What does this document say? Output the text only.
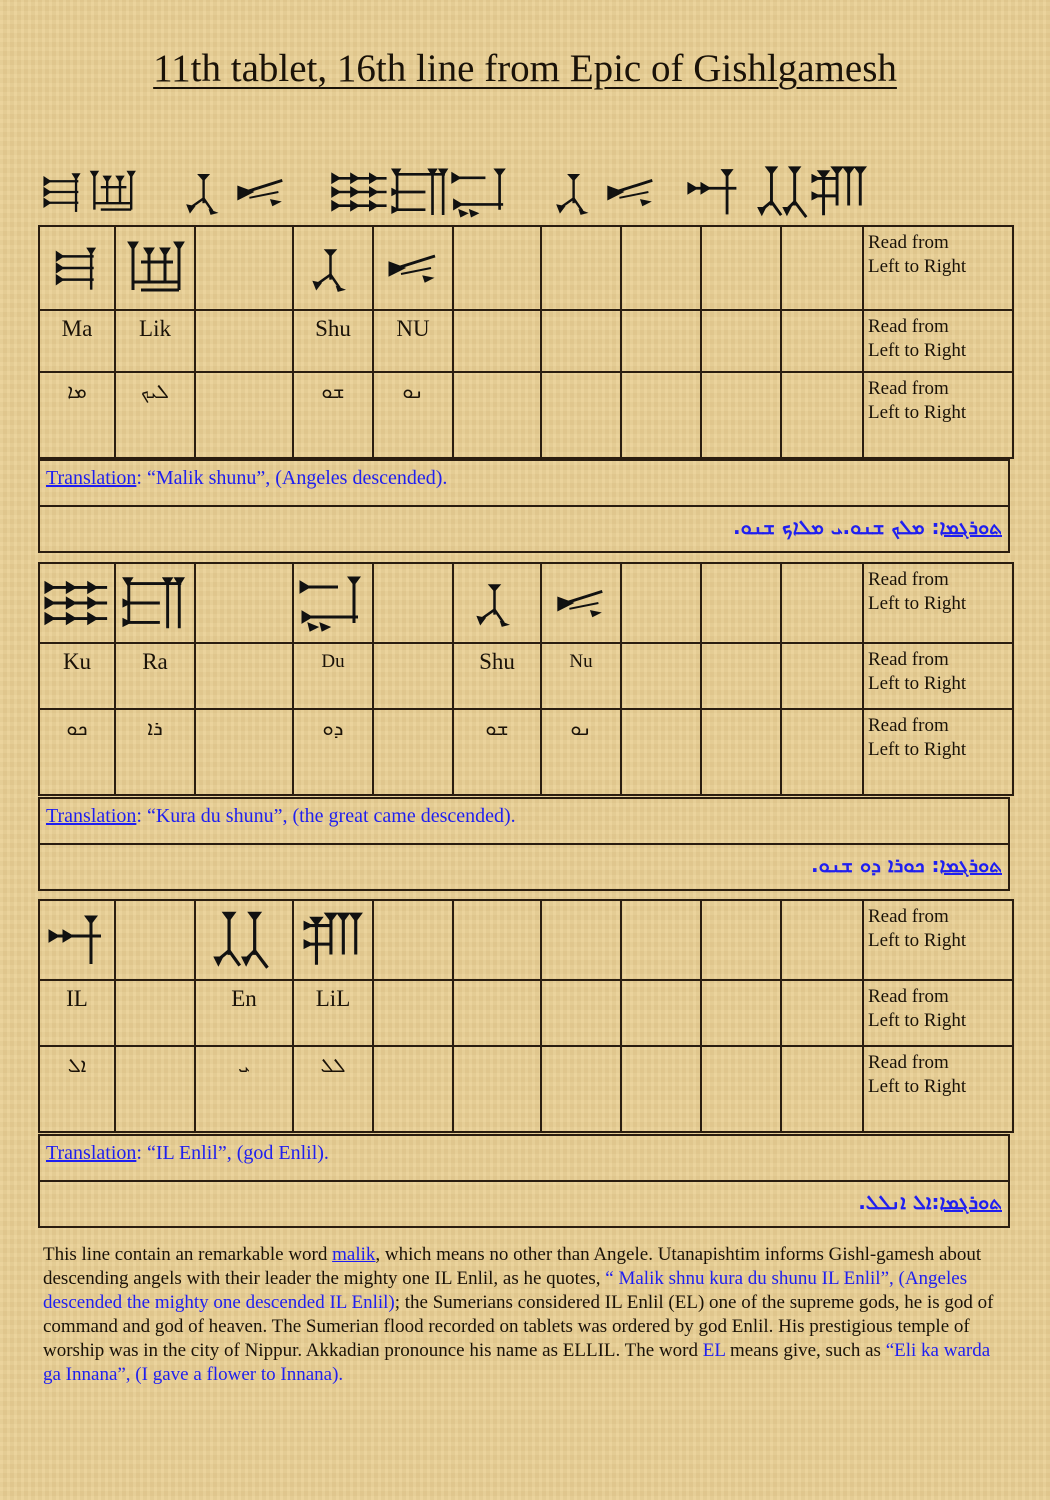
11th tablet, 16th line from Epic of Gishlgamesh

						Read from
Left to Right
Ma	Lik		Shu	NU						Read from
Left to Right
ܡܐ	ܠܝܟ		ܫܘ	ܢܘ						Read from
Left to Right
Translation: “Malik shunu”, (Angeles descended).
ܬܘܪܓܡܐ: ܡܠܟ ܫܢܘ.ܝ ܡܠܐܟ ܫܢܘ.

				Read from
Left to Right
Ku	Ra		Du		Shu	Nu				Read from
Left to Right
ܟܘ	ܪܐ		ܕܘ		ܫܘ	ܢܘ				Read from
Left to Right
Translation: “Kura du shunu”, (the great came descended).
ܬܘܪܓܡܐ: ܟܘܪܐ ܕܘ ܫܢܘ.

							Read from
Left to Right
IL		En	LiL							Read from
Left to Right
ܐܠ		ܝ	ܠܠ							Read from
Left to Right
Translation: “IL Enlil”, (god Enlil).
ܬܘܪܓܡܐ:ܐܠ ܐܢܠܠ.
This line contain an remarkable word malik, which means no other than Angele. Utanapishtim informs Gishl-gamesh about descending angels with their leader the mighty one IL Enlil, as he quotes, “ Malik shnu kura du shunu IL Enlil”, (Angeles descended the mighty one descended IL Enlil); the Sumerians considered IL Enlil (EL) one of the supreme gods, he is god of command and god of heaven. The Sumerian flood recorded on tablets was ordered by god Enlil. His prestigious temple of worship was in the city of Nippur. Akkadian pronounce his name as ELLIL. The word EL means give, such as “Eli ka warda ga Innana”, (I gave a flower to Innana).
